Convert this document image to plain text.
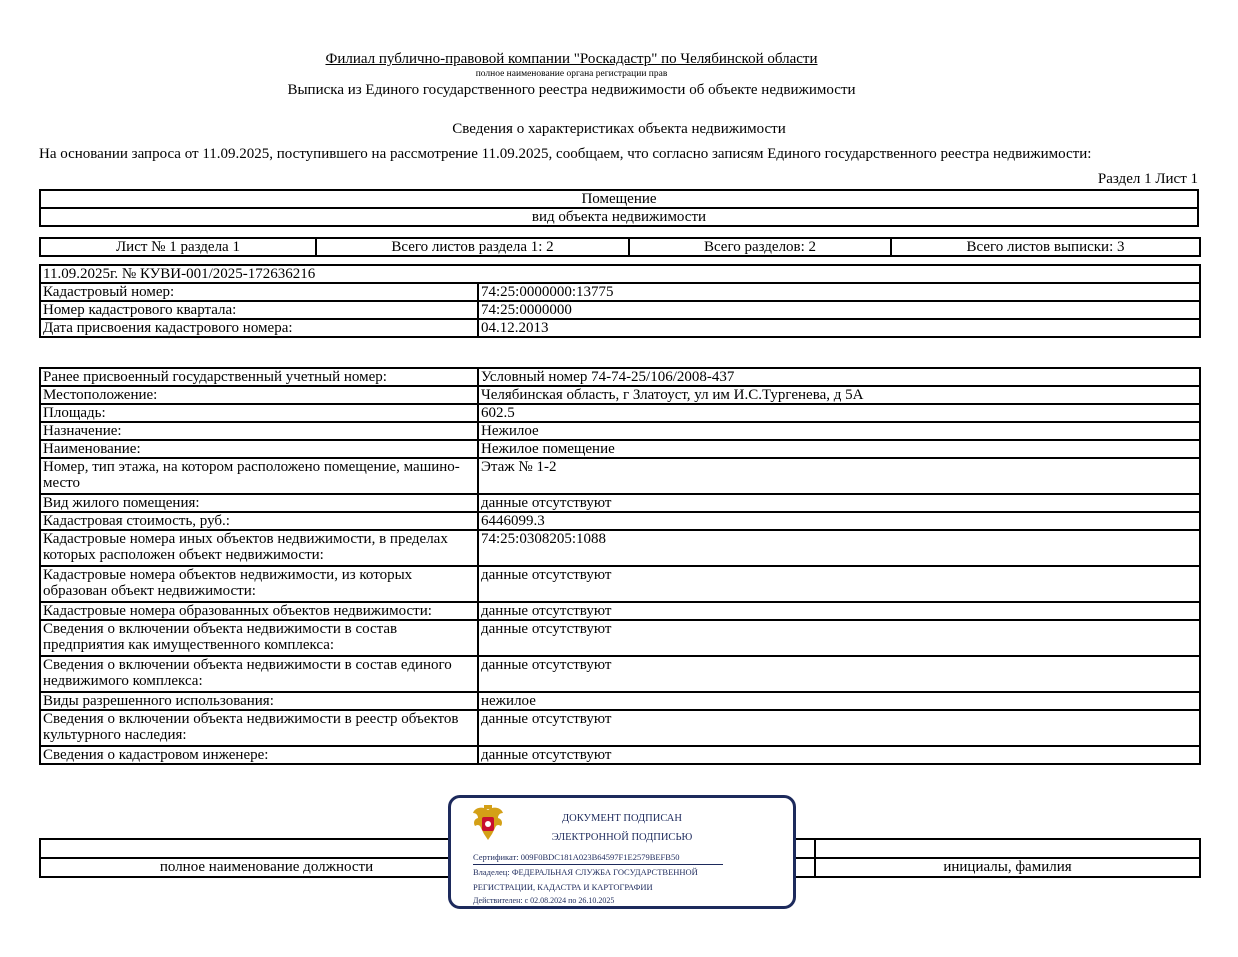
Филиал публично-правовой компании "Роскадастр" по Челябинской области
полное наименование органа регистрации прав
Выписка из Единого государственного реестра недвижимости об объекте недвижимости
Сведения о характеристиках объекта недвижимости
На основании запроса от 11.09.2025, поступившего на рассмотрение 11.09.2025, сообщаем, что согласно записям Единого государственного реестра недвижимости:
Раздел 1 Лист 1
Помещение
вид объекта недвижимости
Лист № 1 раздела 1	Всего листов раздела 1: 2	Всего разделов: 2	Всего листов выписки: 3
11.09.2025г. № КУВИ-001/2025-172636216	
Кадастровый номер:	74:25:0000000:13775
Номер кадастрового квартала:	74:25:0000000
Дата присвоения кадастрового номера:	04.12.2013
Ранее присвоенный государственный учетный номер:	Условный номер 74-74-25/106/2008-437
Местоположение:	Челябинская область, г Златоуст, ул им И.С.Тургенева, д 5А
Площадь:	602.5
Назначение:	Нежилое
Наименование:	Нежилое помещение
Номер, тип этажа, на котором расположено помещение, машино-место	Этаж № 1-2
Вид жилого помещения:	данные отсутствуют
Кадастровая стоимость, руб.:	6446099.3
Кадастровые номера иных объектов недвижимости, в пределах которых расположен объект недвижимости:	74:25:0308205:1088
Кадастровые номера объектов недвижимости, из которых образован объект недвижимости:	данные отсутствуют
Кадастровые номера образованных объектов недвижимости:	данные отсутствуют
Сведения о включении объекта недвижимости в состав предприятия как имущественного комплекса:	данные отсутствуют
Сведения о включении объекта недвижимости в состав единого недвижимого комплекса:	данные отсутствуют
Виды разрешенного использования:	нежилое
Сведения о включении объекта недвижимости в реестр объектов культурного наследия:	данные отсутствуют
Сведения о кадастровом инженере:	данные отсутствуют

полное наименование должности		инициалы, фамилия
ДОКУМЕНТ ПОДПИСАН
ЭЛЕКТРОННОЙ ПОДПИСЬЮ
Сертификат: 009F0BDC181A023B64597F1E2579BEFB50
Владелец: ФЕДЕРАЛЬНАЯ СЛУЖБА ГОСУДАРСТВЕННОЙ
РЕГИСТРАЦИИ, КАДАСТРА И КАРТОГРАФИИ
Действителен: с 02.08.2024 по 26.10.2025
